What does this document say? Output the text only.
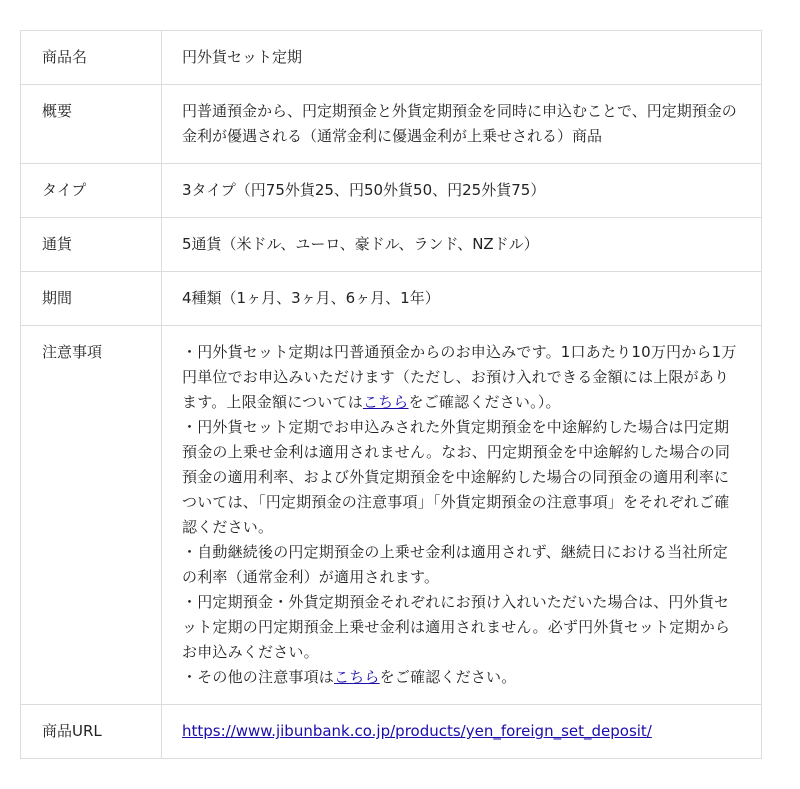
商品名	円外貨セット定期
概要	円普通預金から、円定期預金と外貨定期預金を同時に申込むことで、円定期預金の金利が優遇される（通常金利に優遇金利が上乗せされる）商品
タイプ	3タイプ（円75外貨25、円50外貨50、円25外貨75）
通貨	5通貨（米ドル、ユーロ、豪ドル、ランド、NZドル）
期間	4種類（1ヶ月、3ヶ月、6ヶ月、1年）
注意事項	・円外貨セット定期は円普通預金からのお申込みです。1口あたり10万円から1万円単位でお申込みいただけます（ただし、お預け入れできる金額には上限があります。上限金額についてはこちらをご確認ください。）。
・円外貨セット定期でお申込みされた外貨定期預金を中途解約した場合は円定期預金の上乗せ金利は適用されません。なお、円定期預金を中途解約した場合の同預金の適用利率、および外貨定期預金を中途解約した場合の同預金の適用利率については、「円定期預金の注意事項」「外貨定期預金の注意事項」をそれぞれご確認ください。
・自動継続後の円定期預金の上乗せ金利は適用されず、継続日における当社所定の利率（通常金利）が適用されます。
・円定期預金・外貨定期預金それぞれにお預け入れいただいた場合は、円外貨セット定期の円定期預金上乗せ金利は適用されません。必ず円外貨セット定期からお申込みください。
・その他の注意事項はこちらをご確認ください。

商品URL	https://www.jibunbank.co.jp/products/yen_foreign_set_deposit/
